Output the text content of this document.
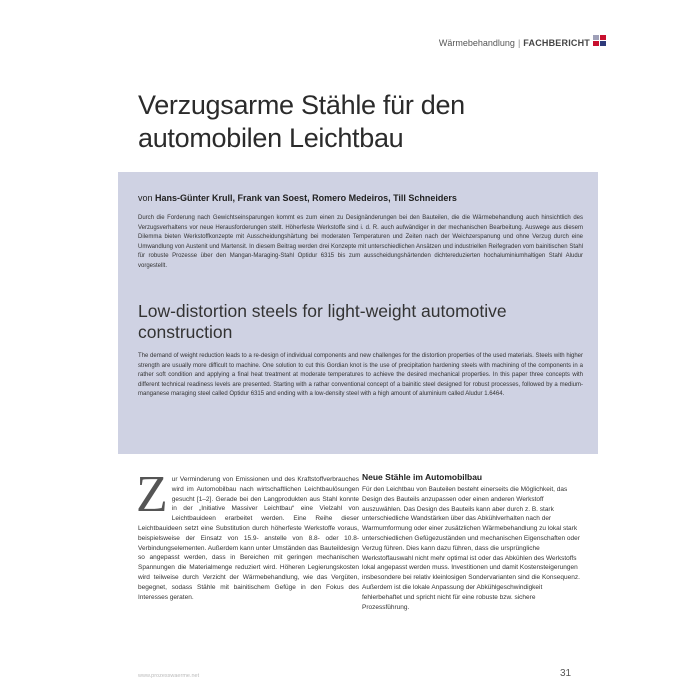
Wärmebehandlung | FACHBERICHT
Verzugsarme Stähle für den automobilen Leichtbau

von Hans-Günter Krull, Frank van Soest, Romero Medeiros, Till Schneiders

Durch die Forderung nach Gewichtseinsparungen kommt es zum einen zu Designänderungen bei den Bauteilen, die die Wärmebehandlung auch hinsichtlich des Verzugsverhaltens vor neue Herausforderungen stellt. Höherfeste Werkstoffe sind i. d. R. auch aufwändiger in der mechanischen Bearbeitung. Auswege aus diesem Dilemma bieten Werkstoffkonzepte mit Ausscheidungshärtung bei moderaten Temperaturen und Zeiten nach der Weichzerspanung und ohne Verzug durch eine Umwandlung von Austenit und Martensit. In diesem Beitrag werden drei Konzepte mit unterschiedlichen Ansätzen und industriellen Reifegraden vom bainitischen Stahl für robuste Prozesse über den Mangan-Maraging-Stahl Optidur 6315 bis zum ausscheidungshärtenden dichtereduzierten hochaluminiumhaltigen Stahl Aludur vorgestellt.

Low-distortion steels for light-weight automotive construction

The demand of weight reduction leads to a re-design of individual components and new challenges for the distortion properties of the used materials. Steels with higher strength are usually more difficult to machine. One solution to cut this Gordian knot is the use of precipitation hardening steels with machining of the components in a rather soft condition and applying a final heat treatment at moderate temperatures to achieve the desired mechanical properties. In this paper three concepts with different technical readiness levels are presented. Starting with a rathar conventional concept of a bainitic steel designed for robust processes, followed by a medium-manganese maraging steel called Optidur 6315 and ending with a low-density steel with a high amount of aluminium called Aludur 1.6464.

Z ur Verminderung von Emissionen und des Kraftstoffverbrauches wird im Automobilbau nach wirtschaftlichen Leichtbaulösungen gesucht [1–2]. Gerade bei den Langprodukten aus Stahl konnte in der „Initiative Massiver Leichtbau“ eine Vielzahl von Leichtbauideen erarbeitet werden. Eine Reihe dieser Leichtbauideen setzt eine Substitution durch höherfeste Werkstoffe voraus, beispielsweise der Einsatz von 15.9- anstelle von 8.8- oder 10.8-Verbindungselementen. Außerdem kann unter Umständen das Bauteildesign so angepasst werden, dass in Bereichen mit geringen mechanischen Spannungen die Materialmenge reduziert wird. Höheren Legierungskosten wird teilweise durch Verzicht der Wärmebehandlung, wie das Vergüten, begegnet, sodass Stähle mit bainitischem Gefüge in den Fokus des Interesses geraten.

Neue Stähle im Automobilbau

Für den Leichtbau von Bauteilen besteht einerseits die Möglichkeit, das Design des Bauteils anzupassen oder einen anderen Werkstoff auszuwählen. Das Design des Bauteils kann aber durch z. B. stark unterschiedliche Wandstärken über das Abkühlverhalten nach der Warmumformung oder einer zusätzlichen Wärmebehandlung zu lokal stark unterschiedlichen Gefügezuständen und mechanischen Eigenschaften oder Verzug führen. Dies kann dazu führen, dass die ursprüngliche Werkstoffauswahl nicht mehr optimal ist oder das Abkühlen des Werkstoffs lokal angepasst werden muss. Investitionen und damit Kostensteigerungen insbesondere bei relativ kleinlosigen Sondervarianten sind die Konsequenz. Außerdem ist die lokale Anpassung der Abkühlgeschwindigkeit fehlerbehaftet und spricht nicht für eine robuste bzw. sichere Prozessführung.

www.prozesswaerme.net	31
